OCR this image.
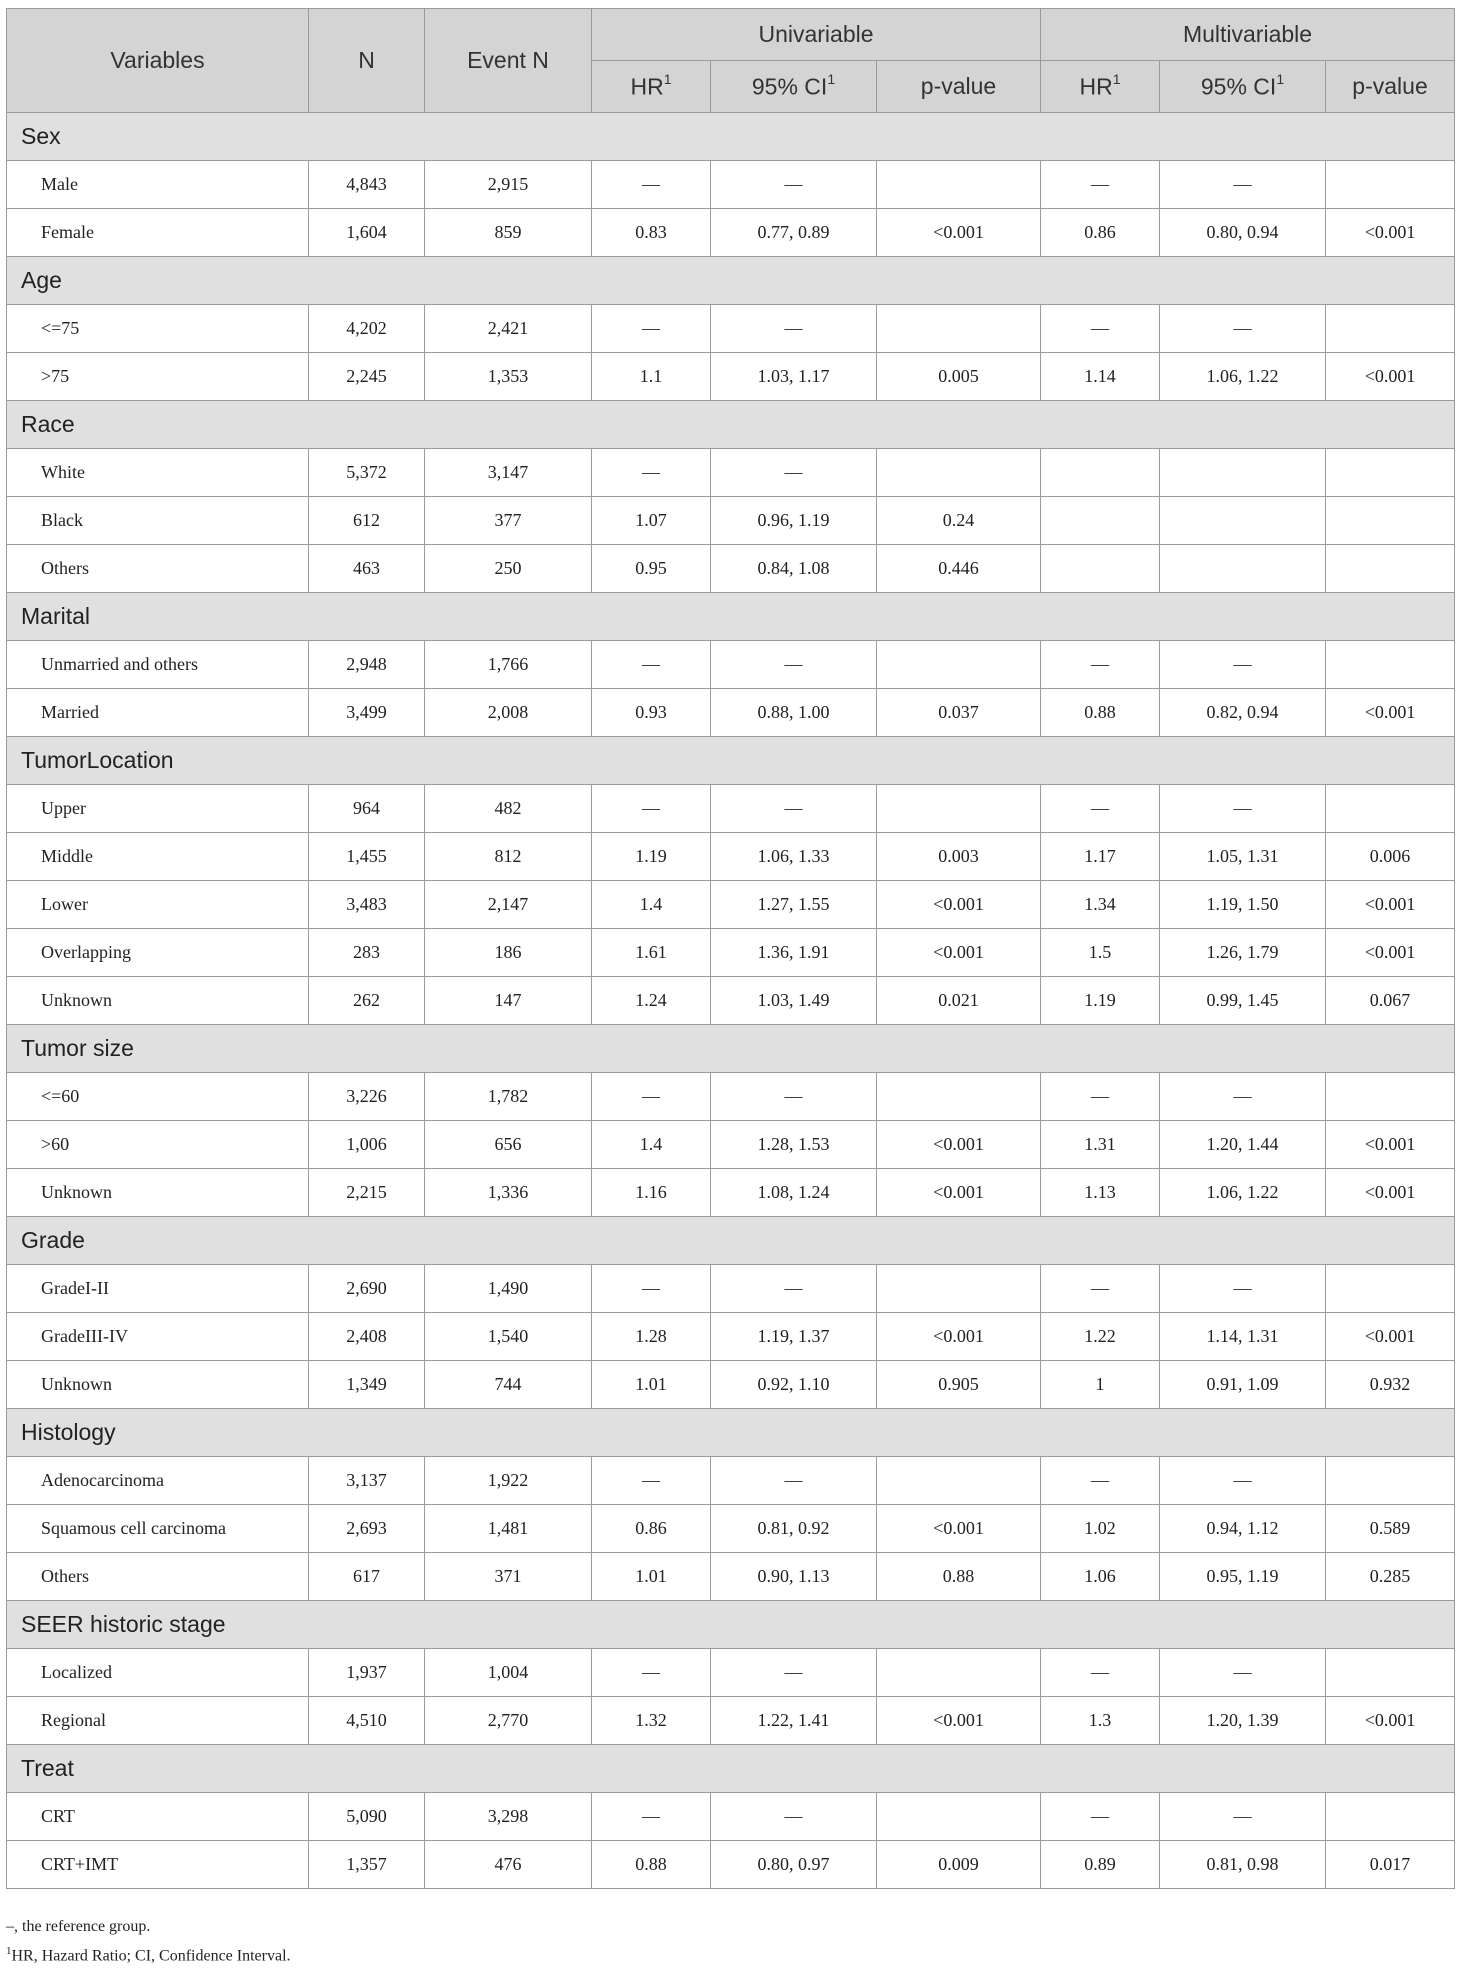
Variables	N	Event N	Univariable			Multivariable		
			$HR^1$	95% $CI^1$	p-value	$HR^1$	95% $CI^1$	p-value
Sex								
Male	4,843	2,915	—	—		—	—	
Female	1,604	859	0.83	0.77, 0.89	<0.001	0.86	0.80, 0.94	<0.001
Age								
<=75	4,202	2,421	—	—		—	—	
>75	2,245	1,353	1.1	1.03, 1.17	0.005	1.14	1.06, 1.22	<0.001
Race								
White	5,372	3,147	—	—				
Black	612	377	1.07	0.96, 1.19	0.24			
Others	463	250	0.95	0.84, 1.08	0.446			
Marital								
Unmarried and others	2,948	1,766	—	—		—	—	
Married	3,499	2,008	0.93	0.88, 1.00	0.037	0.88	0.82, 0.94	<0.001
TumorLocation								
Upper	964	482	—	—		—	—	
Middle	1,455	812	1.19	1.06, 1.33	0.003	1.17	1.05, 1.31	0.006
Lower	3,483	2,147	1.4	1.27, 1.55	<0.001	1.34	1.19, 1.50	<0.001
Overlapping	283	186	1.61	1.36, 1.91	<0.001	1.5	1.26, 1.79	<0.001
Unknown	262	147	1.24	1.03, 1.49	0.021	1.19	0.99, 1.45	0.067
Tumor size								
<=60	3,226	1,782	—	—		—	—	
>60	1,006	656	1.4	1.28, 1.53	<0.001	1.31	1.20, 1.44	<0.001
Unknown	2,215	1,336	1.16	1.08, 1.24	<0.001	1.13	1.06, 1.22	<0.001
Grade								
GradeI-II	2,690	1,490	—	—		—	—	
GradeIII-IV	2,408	1,540	1.28	1.19, 1.37	<0.001	1.22	1.14, 1.31	<0.001
Unknown	1,349	744	1.01	0.92, 1.10	0.905	1	0.91, 1.09	0.932
Histology								
Adenocarcinoma	3,137	1,922	—	—		—	—	
Squamous cell carcinoma	2,693	1,481	0.86	0.81, 0.92	<0.001	1.02	0.94, 1.12	0.589
Others	617	371	1.01	0.90, 1.13	0.88	1.06	0.95, 1.19	0.285
SEER historic stage								
Localized	1,937	1,004	—	—		—	—	
Regional	4,510	2,770	1.32	1.22, 1.41	<0.001	1.3	1.20, 1.39	<0.001
Treat								
CRT	5,090	3,298	—	—		—	—	
CRT+IMT	1,357	476	0.88	0.80, 0.97	0.009	0.89	0.81, 0.98	0.017
–, the reference group.
$^1$HR, Hazard Ratio; CI, Confidence Interval.
